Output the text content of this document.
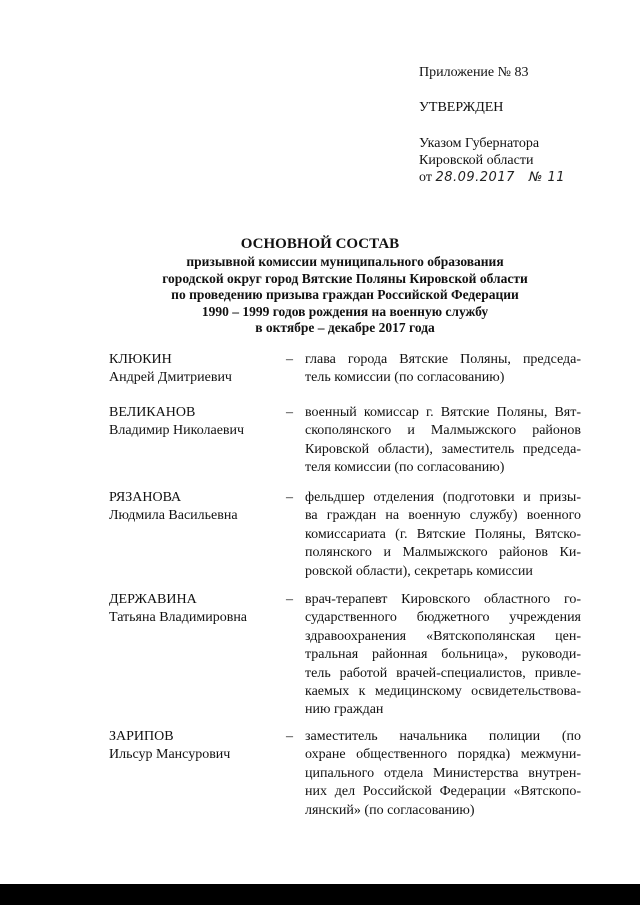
Приложение № 83
УТВЕРЖДЕН
Указом Губернатора
Кировской области
от 28.09.2017 № 11
ОСНОВНОЙ СОСТАВ
призывной комиссии муниципального образования
городской округ город Вятские Поляны Кировской области
по проведению призыва граждан Российской Федерации
1990 – 1999 годов рождения на военную службу
в октябре – декабре 2017 года
КЛЮКИН
Андрей Дмитриевич
– глава города Вятские Поляны, председа-
тель комиссии (по согласованию)
ВЕЛИКАНОВ
Владимир Николаевич
– военный комиссар г. Вятские Поляны, Вят-
скополянского и Малмыжского районов
Кировской области), заместитель председа-
теля комиссии (по согласованию)
РЯЗАНОВА
Людмила Васильевна
– фельдшер отделения (подготовки и призы-
ва граждан на военную службу) военного
комиссариата (г. Вятские Поляны, Вятско-
полянского и Малмыжского районов Ки-
ровской области), секретарь комиссии
ДЕРЖАВИНА
Татьяна Владимировна
– врач-терапевт Кировского областного го-
сударственного бюджетного учреждения
здравоохранения «Вятскополянская цен-
тральная районная больница», руководи-
тель работой врачей-специалистов, привле-
каемых к медицинскому освидетельствова-
нию граждан
ЗАРИПОВ
Ильсур Мансурович
– заместитель начальника полиции (по
охране общественного порядка) межмуни-
ципального отдела Министерства внутрен-
них дел Российской Федерации «Вятскопо-
лянский» (по согласованию)
